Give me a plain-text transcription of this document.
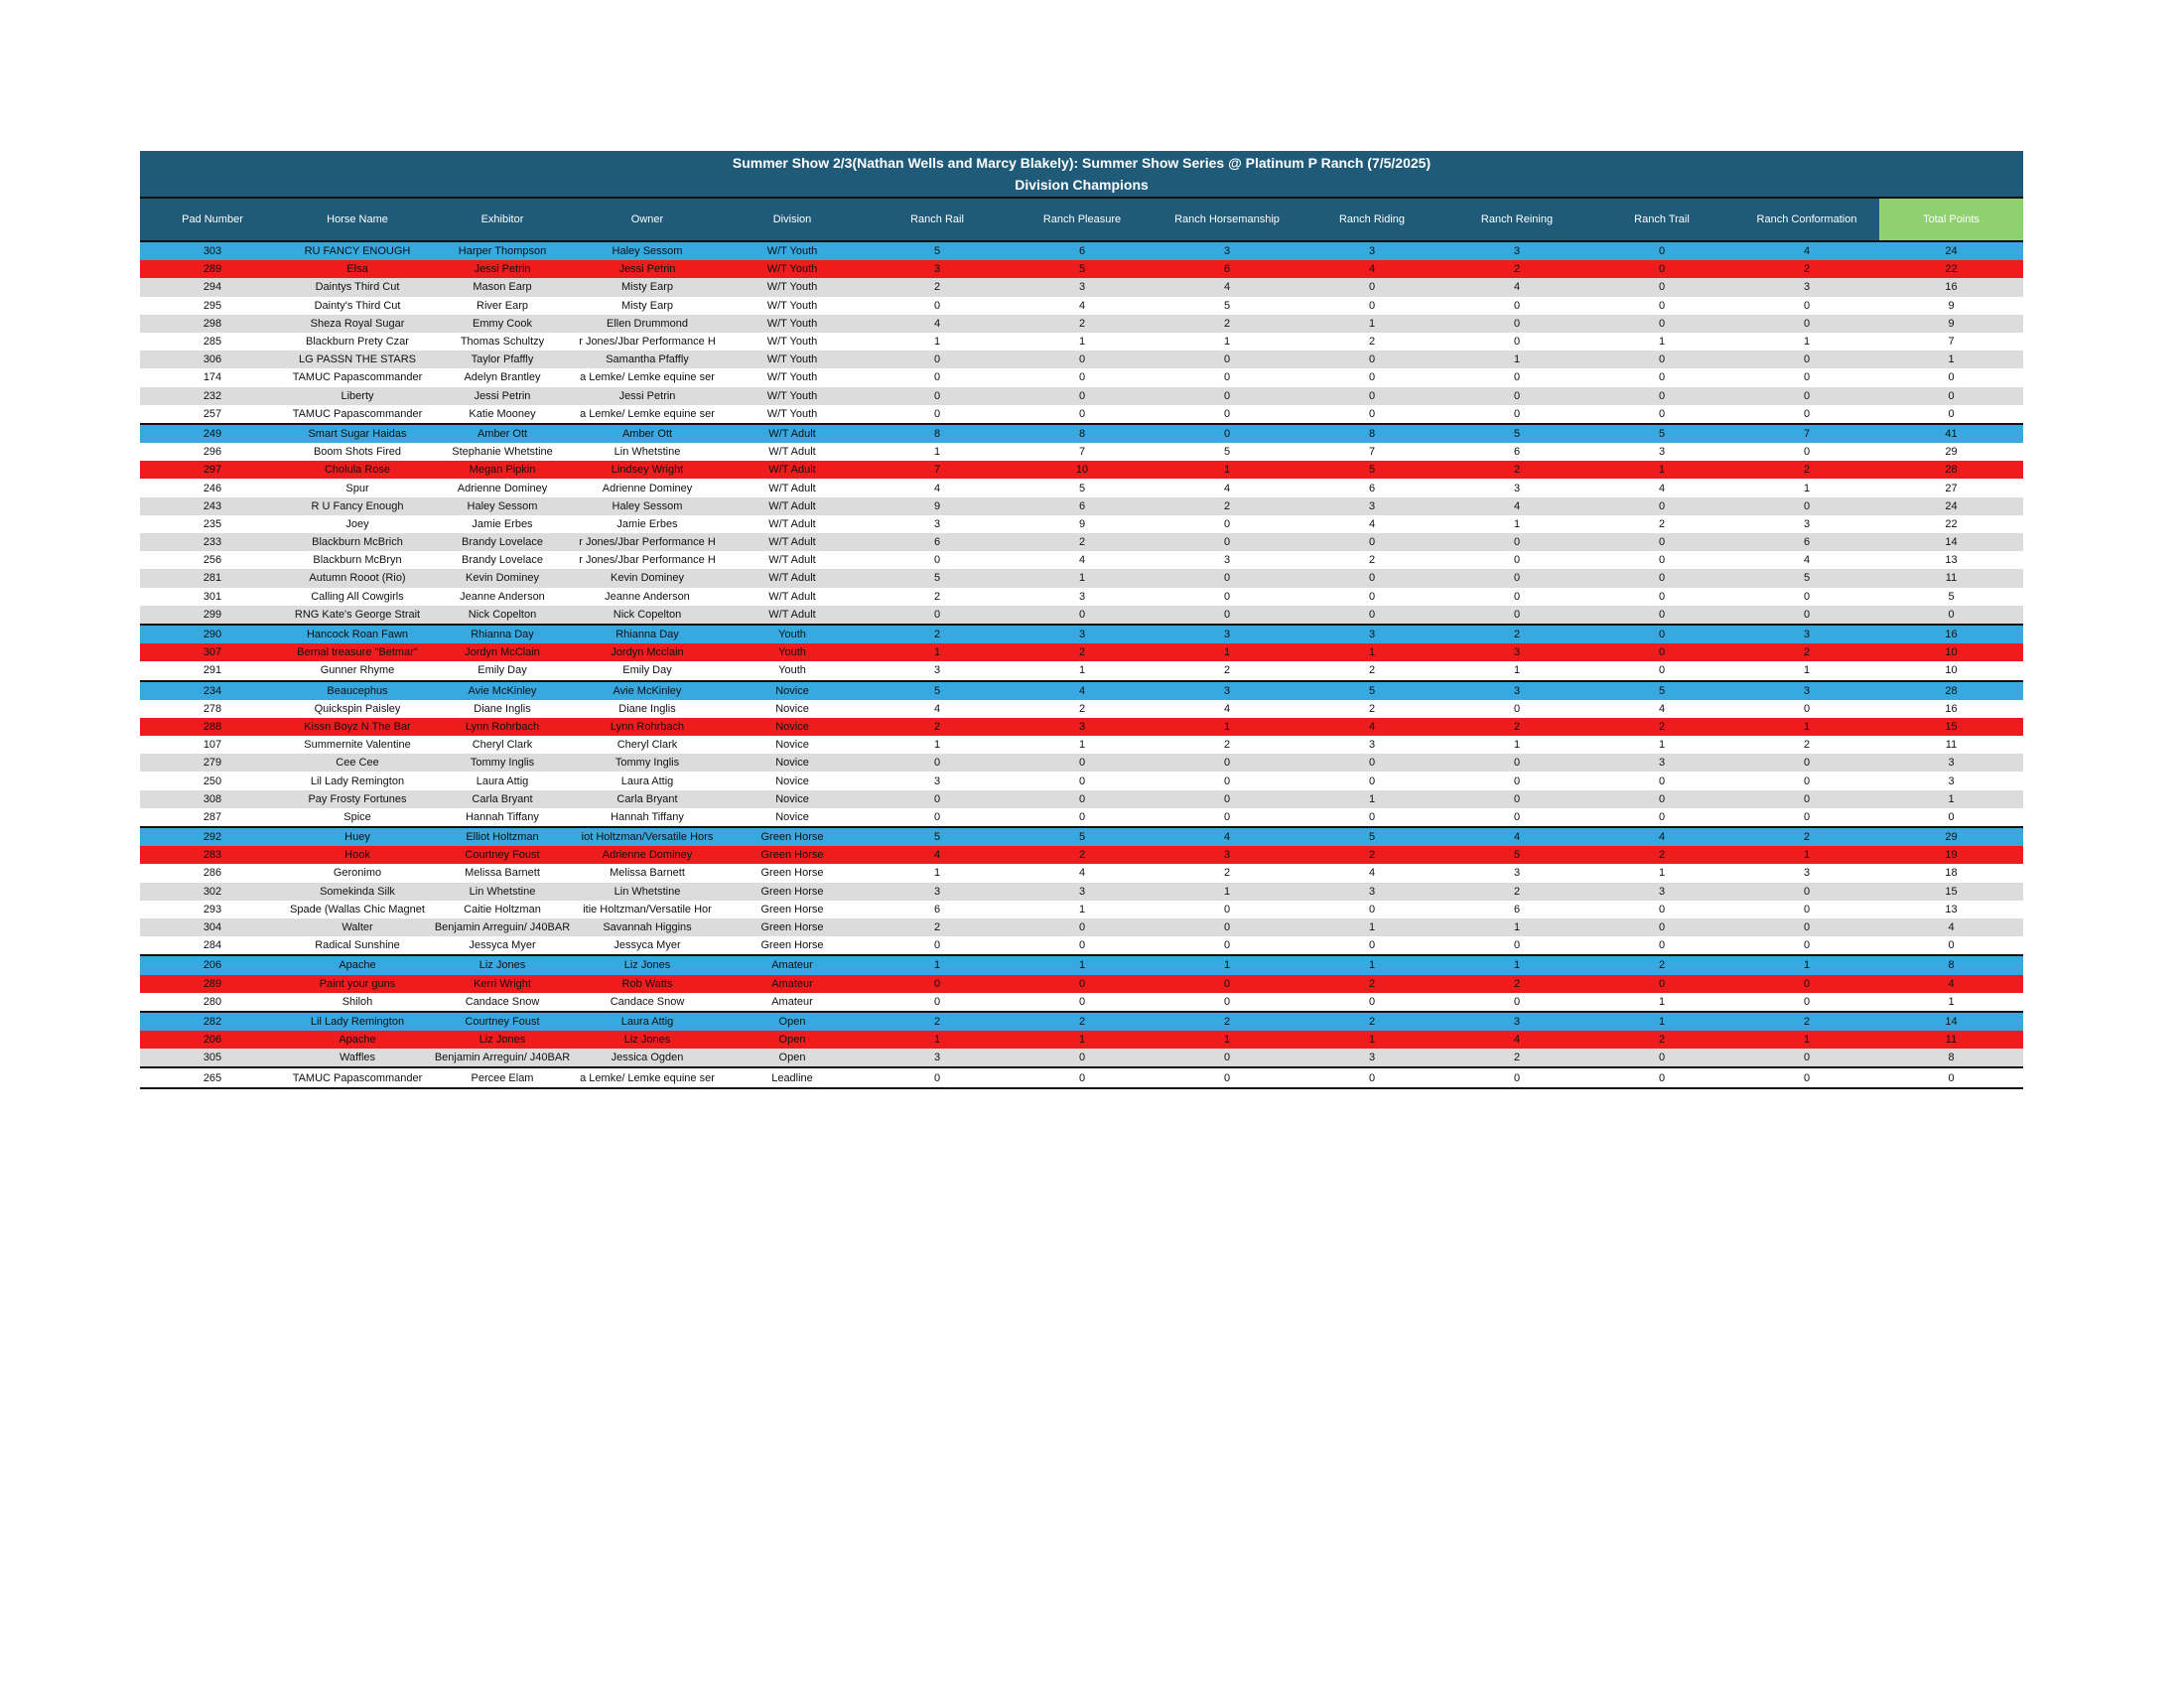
Summer Show 2/3(Nathan Wells and Marcy Blakely): Summer Show Series @ Platinum P Ranch (7/5/2025)
Division Champions
Pad Number	Horse Name	Exhibitor	Owner	Division	Ranch Rail	Ranch Pleasure	Ranch Horsemanship	Ranch Riding	Ranch Reining	Ranch Trail	Ranch Conformation	Total Points
303	RU FANCY ENOUGH	Harper Thompson	Haley Sessom	W/T Youth	5	6	3	3	3	0	4	24
289	Elsa	Jessi Petrin	Jessi Petrin	W/T Youth	3	5	6	4	2	0	2	22
294	Daintys Third Cut	Mason Earp	Misty Earp	W/T Youth	2	3	4	0	4	0	3	16
295	Dainty's Third Cut	River Earp	Misty Earp	W/T Youth	0	4	5	0	0	0	0	9
298	Sheza Royal Sugar	Emmy Cook	Ellen Drummond	W/T Youth	4	2	2	1	0	0	0	9
285	Blackburn Prety Czar	Thomas Schultzy	r Jones/Jbar Performance H	W/T Youth	1	1	1	2	0	1	1	7
306	LG PASSN THE STARS	Taylor Pfaffly	Samantha Pfaffly	W/T Youth	0	0	0	0	1	0	0	1
174	TAMUC Papascommander	Adelyn Brantley	a Lemke/ Lemke equine ser	W/T Youth	0	0	0	0	0	0	0	0
232	Liberty	Jessi Petrin	Jessi Petrin	W/T Youth	0	0	0	0	0	0	0	0
257	TAMUC Papascommander	Katie Mooney	a Lemke/ Lemke equine ser	W/T Youth	0	0	0	0	0	0	0	0
249	Smart Sugar Haidas	Amber Ott	Amber Ott	W/T Adult	8	8	0	8	5	5	7	41
296	Boom Shots Fired	Stephanie Whetstine	Lin Whetstine	W/T Adult	1	7	5	7	6	3	0	29
297	Cholula Rose	Megan Pipkin	Lindsey Wright	W/T Adult	7	10	1	5	2	1	2	28
246	Spur	Adrienne Dominey	Adrienne Dominey	W/T Adult	4	5	4	6	3	4	1	27
243	R U Fancy Enough	Haley Sessom	Haley Sessom	W/T Adult	9	6	2	3	4	0	0	24
235	Joey	Jamie Erbes	Jamie Erbes	W/T Adult	3	9	0	4	1	2	3	22
233	Blackburn McBrich	Brandy Lovelace	r Jones/Jbar Performance H	W/T Adult	6	2	0	0	0	0	6	14
256	Blackburn McBryn	Brandy Lovelace	r Jones/Jbar Performance H	W/T Adult	0	4	3	2	0	0	4	13
281	Autumn Rooot (Rio)	Kevin Dominey	Kevin Dominey	W/T Adult	5	1	0	0	0	0	5	11
301	Calling All Cowgirls	Jeanne Anderson	Jeanne Anderson	W/T Adult	2	3	0	0	0	0	0	5
299	RNG Kate's George Strait	Nick Copelton	Nick Copelton	W/T Adult	0	0	0	0	0	0	0	0
290	Hancock Roan Fawn	Rhianna Day	Rhianna Day	Youth	2	3	3	3	2	0	3	16
307	Bernal treasure "Betmar"	Jordyn McClain	Jordyn Mcclain	Youth	1	2	1	1	3	0	2	10
291	Gunner Rhyme	Emily Day	Emily Day	Youth	3	1	2	2	1	0	1	10
234	Beaucephus	Avie McKinley	Avie McKinley	Novice	5	4	3	5	3	5	3	28
278	Quickspin Paisley	Diane Inglis	Diane Inglis	Novice	4	2	4	2	0	4	0	16
288	Kissn Boyz N The Bar	Lynn Rohrbach	Lynn Rohrbach	Novice	2	3	1	4	2	2	1	15
107	Summernite Valentine	Cheryl Clark	Cheryl Clark	Novice	1	1	2	3	1	1	2	11
279	Cee Cee	Tommy Inglis	Tommy Inglis	Novice	0	0	0	0	0	3	0	3
250	Lil Lady Remington	Laura Attig	Laura Attig	Novice	3	0	0	0	0	0	0	3
308	Pay Frosty Fortunes	Carla Bryant	Carla Bryant	Novice	0	0	0	1	0	0	0	1
287	Spice	Hannah Tiffany	Hannah Tiffany	Novice	0	0	0	0	0	0	0	0
292	Huey	Elliot Holtzman	iot Holtzman/Versatile Hors	Green Horse	5	5	4	5	4	4	2	29
283	Hook	Courtney Foust	Adrienne Dominey	Green Horse	4	2	3	2	5	2	1	19
286	Geronimo	Melissa Barnett	Melissa Barnett	Green Horse	1	4	2	4	3	1	3	18
302	Somekinda Silk	Lin Whetstine	Lin Whetstine	Green Horse	3	3	1	3	2	3	0	15
293	Spade (Wallas Chic Magnet	Caitie Holtzman	itie Holtzman/Versatile Hor	Green Horse	6	1	0	0	6	0	0	13
304	Walter	Benjamin Arreguin/ J40BAR	Savannah Higgins	Green Horse	2	0	0	1	1	0	0	4
284	Radical Sunshine	Jessyca Myer	Jessyca Myer	Green Horse	0	0	0	0	0	0	0	0
206	Apache	Liz Jones	Liz Jones	Amateur	1	1	1	1	1	2	1	8
289	Paint your guns	Kerri Wright	Rob Watts	Amateur	0	0	0	2	2	0	0	4
280	Shiloh	Candace Snow	Candace Snow	Amateur	0	0	0	0	0	1	0	1
282	Lil Lady Remington	Courtney Foust	Laura Attig	Open	2	2	2	2	3	1	2	14
206	Apache	Liz Jones	Liz Jones	Open	1	1	1	1	4	2	1	11
305	Waffles	Benjamin Arreguin/ J40BAR	Jessica Ogden	Open	3	0	0	3	2	0	0	8
265	TAMUC Papascommander	Percee Elam	a Lemke/ Lemke equine ser	Leadline	0	0	0	0	0	0	0	0
